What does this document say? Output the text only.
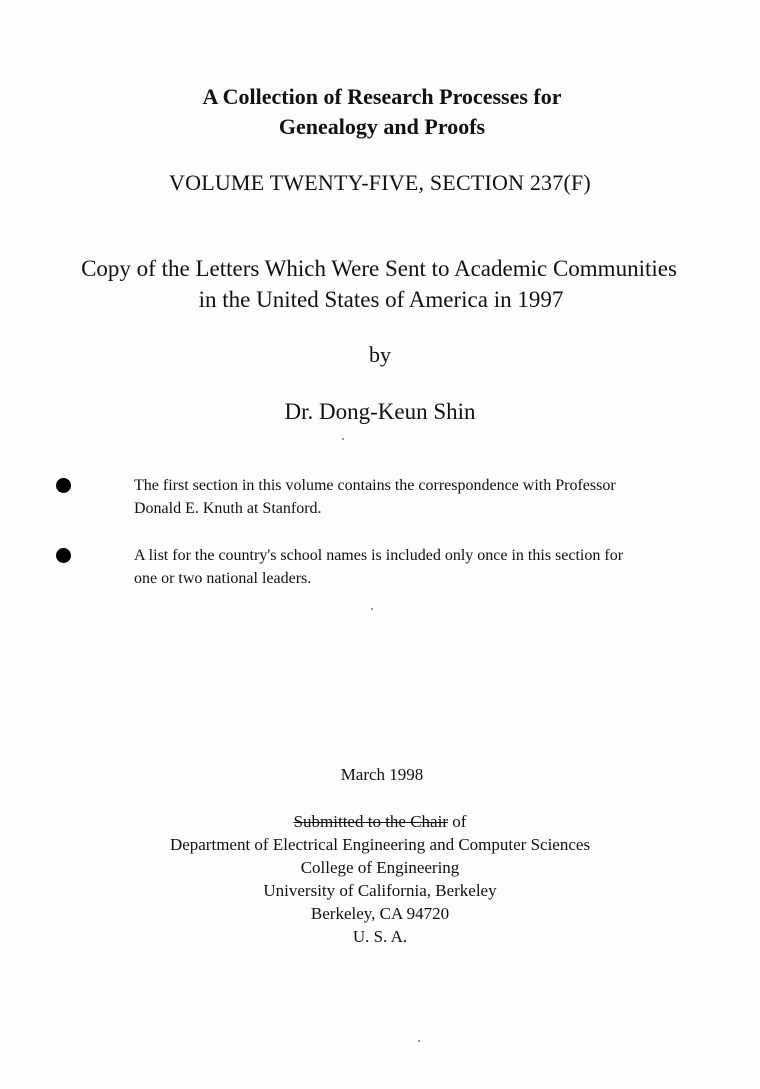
A Collection of Research Processes for
Genealogy and Proofs
VOLUME TWENTY-FIVE, SECTION 237(F)
Copy of the Letters Which Were Sent to Academic Communities
in the United States of America in 1997
by
Dr. Dong-Keun Shin
The first section in this volume contains the correspondence with Professor
Donald E. Knuth at Stanford.
A list for the country's school names is included only once in this section for
one or two national leaders.
March 1998
Submitted to the Chair of
Department of Electrical Engineering and Computer Sciences
College of Engineering
University of California, Berkeley
Berkeley, CA 94720
U. S. A.
